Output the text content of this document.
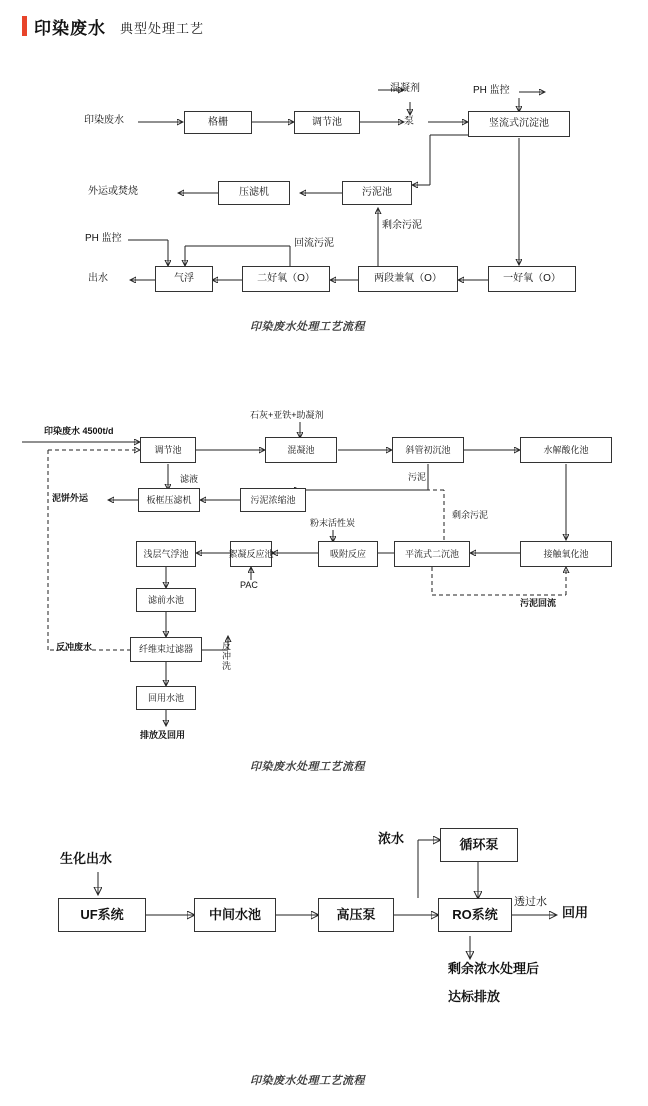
印染废水 典型处理工艺
印染废水	格栅	调节池
混凝剂
泵
PH 监控
竖流式沉淀池
污泥池
压滤机
外运或焚烧
剩余污泥
PH 监控	回流污泥
出水	气浮	二好氧（O）	两段兼氧（O）	一好氧（O）
印染废水处理工艺流程
印染废水 4500t/d
石灰+亚铁+助凝剂
调节池	混凝池	斜管初沉池	水解酸化池
滤液	污泥
剩余污泥
泥饼外运	板框压滤机	污泥浓缩池
粉末活性炭
浅层气浮池	絮凝反应池	吸附反应	平流式二沉池	接触氧化池
PAC
污泥回流
滤前水池
纤维束过滤器
回用水池
反冲洗
反冲废水
排放及回用
印染废水处理工艺流程
生化出水
浓水	循环泵
UF系统	中间水池	高压泵	RO系统
透过水
回用
剩余浓水处理后
达标排放
印染废水处理工艺流程
